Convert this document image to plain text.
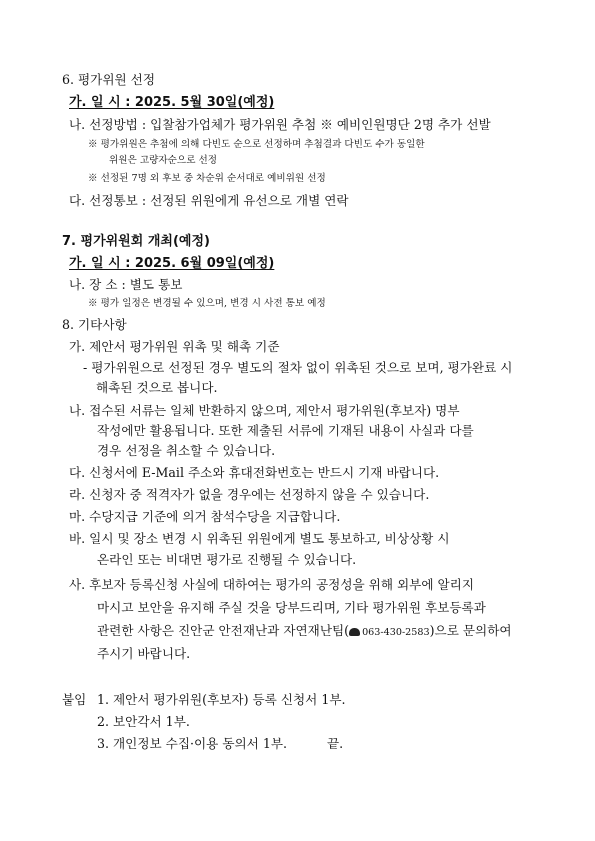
6. 평가위원 선정
가. 일 시 : 2025. 5월 30일(예정)
나. 선정방법 : 입찰참가업체가 평가위원 추첨 ※ 예비인원명단 2명 추가 선발
※ 평가위원은 추첨에 의해 다빈도 순으로 선정하며 추첨결과 다빈도 수가 동일한
위원은 고량자순으로 선정
※ 선정된 7명 외 후보 중 차순위 순서대로 예비위원 선정
다. 선정통보 : 선정된 위원에게 유선으로 개별 연락
7. 평가위원회 개최(예정)
가. 일 시 : 2025. 6월 09일(예정)
나. 장 소 : 별도 통보
※ 평가 일정은 변경될 수 있으며, 변경 시 사전 통보 예정
8. 기타사항
가. 제안서 평가위원 위촉 및 해촉 기준
- 평가위원으로 선정된 경우 별도의 절차 없이 위촉된 것으로 보며, 평가완료 시
해촉된 것으로 봅니다.
나. 접수된 서류는 일체 반환하지 않으며, 제안서 평가위원(후보자) 명부
작성에만 활용됩니다. 또한 제출된 서류에 기재된 내용이 사실과 다를
경우 선정을 취소할 수 있습니다.
다. 신청서에 E-Mail 주소와 휴대전화번호는 반드시 기재 바랍니다.
라. 신청자 중 적격자가 없을 경우에는 선정하지 않을 수 있습니다.
마. 수당지급 기준에 의거 참석수당을 지급합니다.
바. 일시 및 장소 변경 시 위촉된 위원에게 별도 통보하고, 비상상황 시
온라인 또는 비대면 평가로 진행될 수 있습니다.
사. 후보자 등록신청 사실에 대하여는 평가의 공정성을 위해 외부에 알리지
마시고 보안을 유지해 주실 것을 당부드리며, 기타 평가위원 후보등록과
관련한 사항은 진안군 안전재난과 자연재난팀( 063-430-2583)으로 문의하여
주시기 바랍니다.
붙임 1. 제안서 평가위원(후보자) 등록 신청서 1부.
2. 보안각서 1부.
3. 개인정보 수집·이용 동의서 1부.	끝.
